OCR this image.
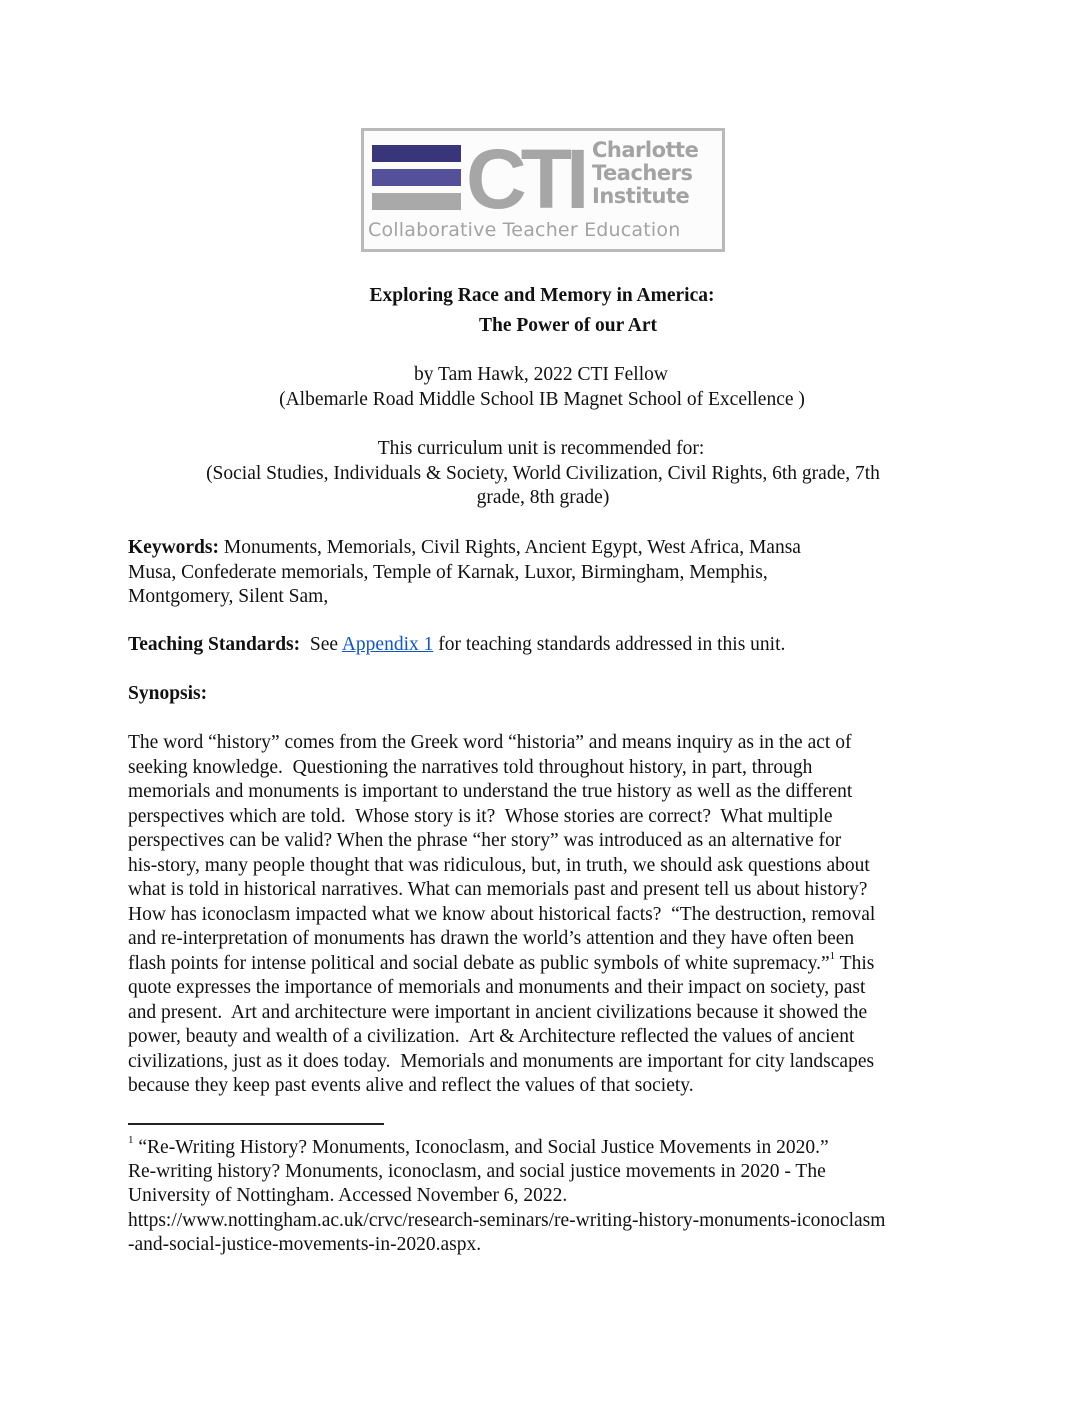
CTI Charlotte
Teachers
Institute
Collaborative Teacher Education
Exploring Race and Memory in America:
The Power of our Art
by Tam Hawk, 2022 CTI Fellow
(Albemarle Road Middle School IB Magnet School of Excellence )
This curriculum unit is recommended for:
(Social Studies, Individuals & Society, World Civilization, Civil Rights, 6th grade, 7th
grade, 8th grade)
Keywords: Monuments, Memorials, Civil Rights, Ancient Egypt, West Africa, Mansa
Musa, Confederate memorials, Temple of Karnak, Luxor, Birmingham, Memphis,
Montgomery, Silent Sam,
Teaching Standards:  See Appendix 1 for teaching standards addressed in this unit.
Synopsis:
The word “history” comes from the Greek word “historia” and means inquiry as in the act of
seeking knowledge.  Questioning the narratives told throughout history, in part, through
memorials and monuments is important to understand the true history as well as the different
perspectives which are told.  Whose story is it?  Whose stories are correct?  What multiple
perspectives can be valid? When the phrase “her story” was introduced as an alternative for
his-story, many people thought that was ridiculous, but, in truth, we should ask questions about
what is told in historical narratives. What can memorials past and present tell us about history?
How has iconoclasm impacted what we know about historical facts?  “The destruction, removal
and re-interpretation of monuments has drawn the world’s attention and they have often been
flash points for intense political and social debate as public symbols of white supremacy.”$^1$ This
quote expresses the importance of memorials and monuments and their impact on society, past
and present.  Art and architecture were important in ancient civilizations because it showed the
power, beauty and wealth of a civilization.  Art & Architecture reflected the values of ancient
civilizations, just as it does today.  Memorials and monuments are important for city landscapes
because they keep past events alive and reflect the values of that society.
$^1$ “Re-Writing History? Monuments, Iconoclasm, and Social Justice Movements in 2020.”
Re-writing history? Monuments, iconoclasm, and social justice movements in 2020 - The
University of Nottingham. Accessed November 6, 2022.
https://www.nottingham.ac.uk/crvc/research-seminars/re-writing-history-monuments-iconoclasm
-and-social-justice-movements-in-2020.aspx.
